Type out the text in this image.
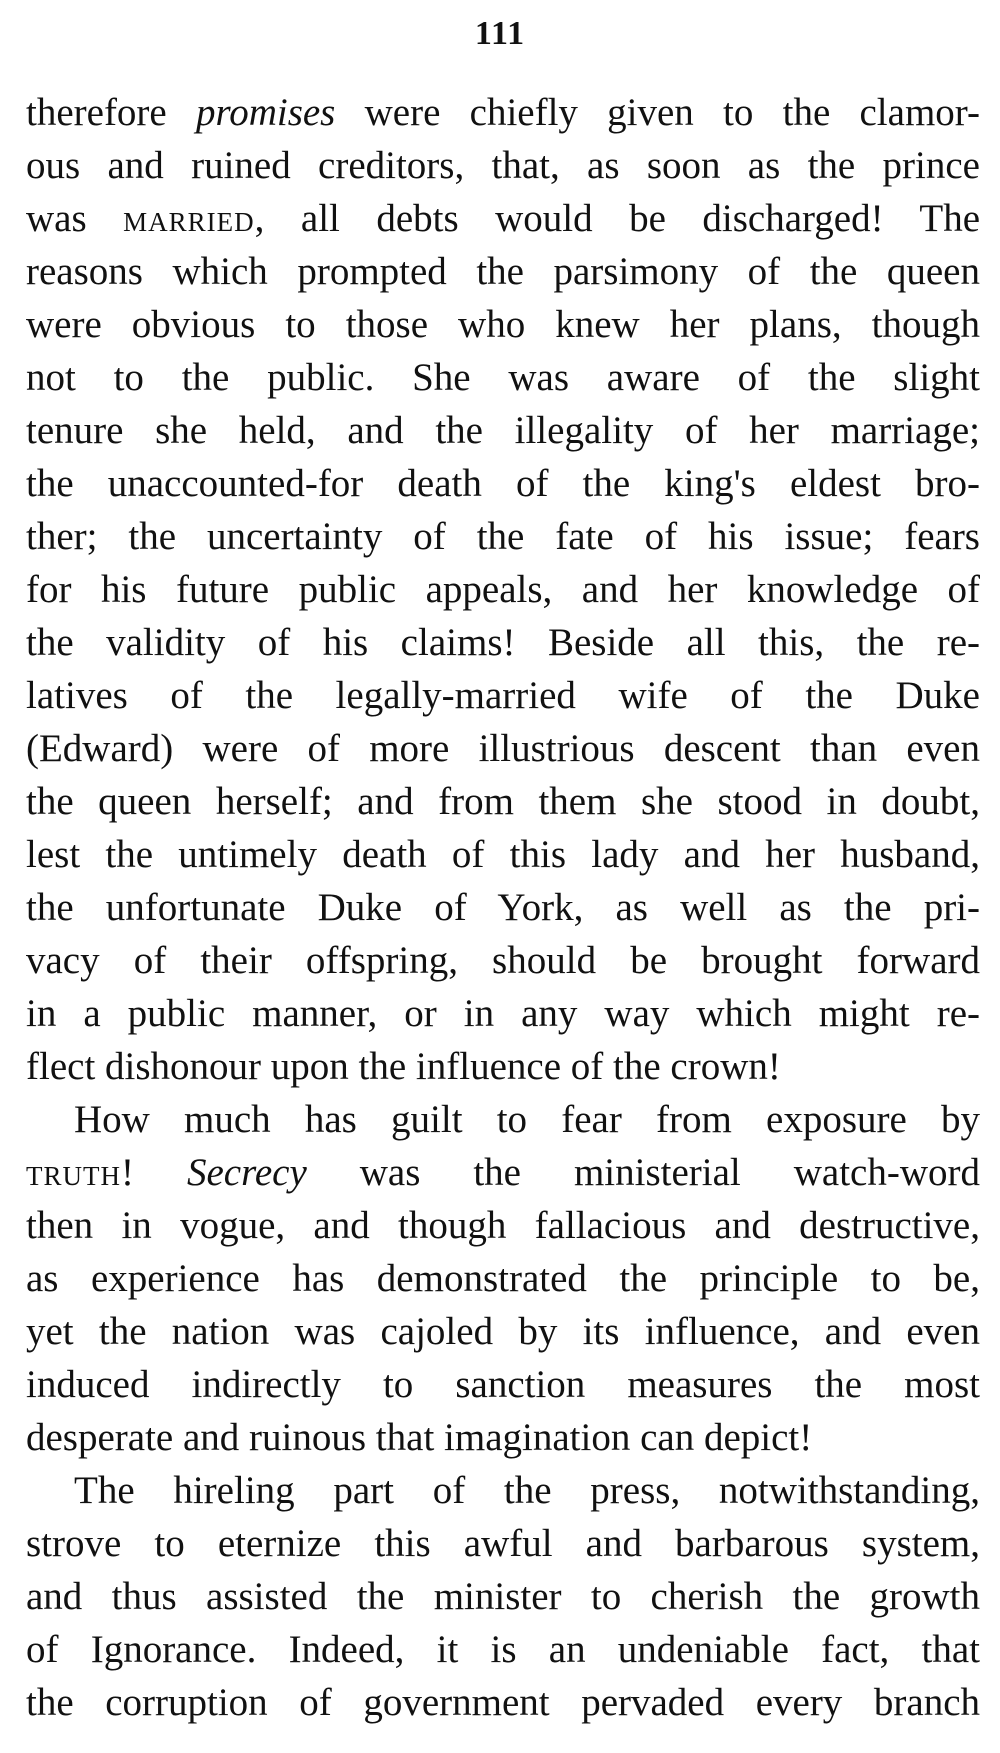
111
therefore promises were chiefly given to the clamor-
ous and ruined creditors, that, as soon as the prince
was married, all debts would be discharged! The
reasons which prompted the parsimony of the queen
were obvious to those who knew her plans, though
not to the public. She was aware of the slight
tenure she held, and the illegality of her marriage;
the unaccounted-for death of the king's eldest bro-
ther; the uncertainty of the fate of his issue; fears
for his future public appeals, and her knowledge of
the validity of his claims! Beside all this, the re-
latives of the legally-married wife of the Duke
(Edward) were of more illustrious descent than even
the queen herself; and from them she stood in doubt,
lest the untimely death of this lady and her husband,
the unfortunate Duke of York, as well as the pri-
vacy of their offspring, should be brought forward
in a public manner, or in any way which might re-
flect dishonour upon the influence of the crown!
How much has guilt to fear from exposure by
truth! Secrecy was the ministerial watch-word
then in vogue, and though fallacious and destructive,
as experience has demonstrated the principle to be,
yet the nation was cajoled by its influence, and even
induced indirectly to sanction measures the most
desperate and ruinous that imagination can depict!
The hireling part of the press, notwithstanding,
strove to eternize this awful and barbarous system,
and thus assisted the minister to cherish the growth
of Ignorance. Indeed, it is an undeniable fact, that
the corruption of government pervaded every branch
